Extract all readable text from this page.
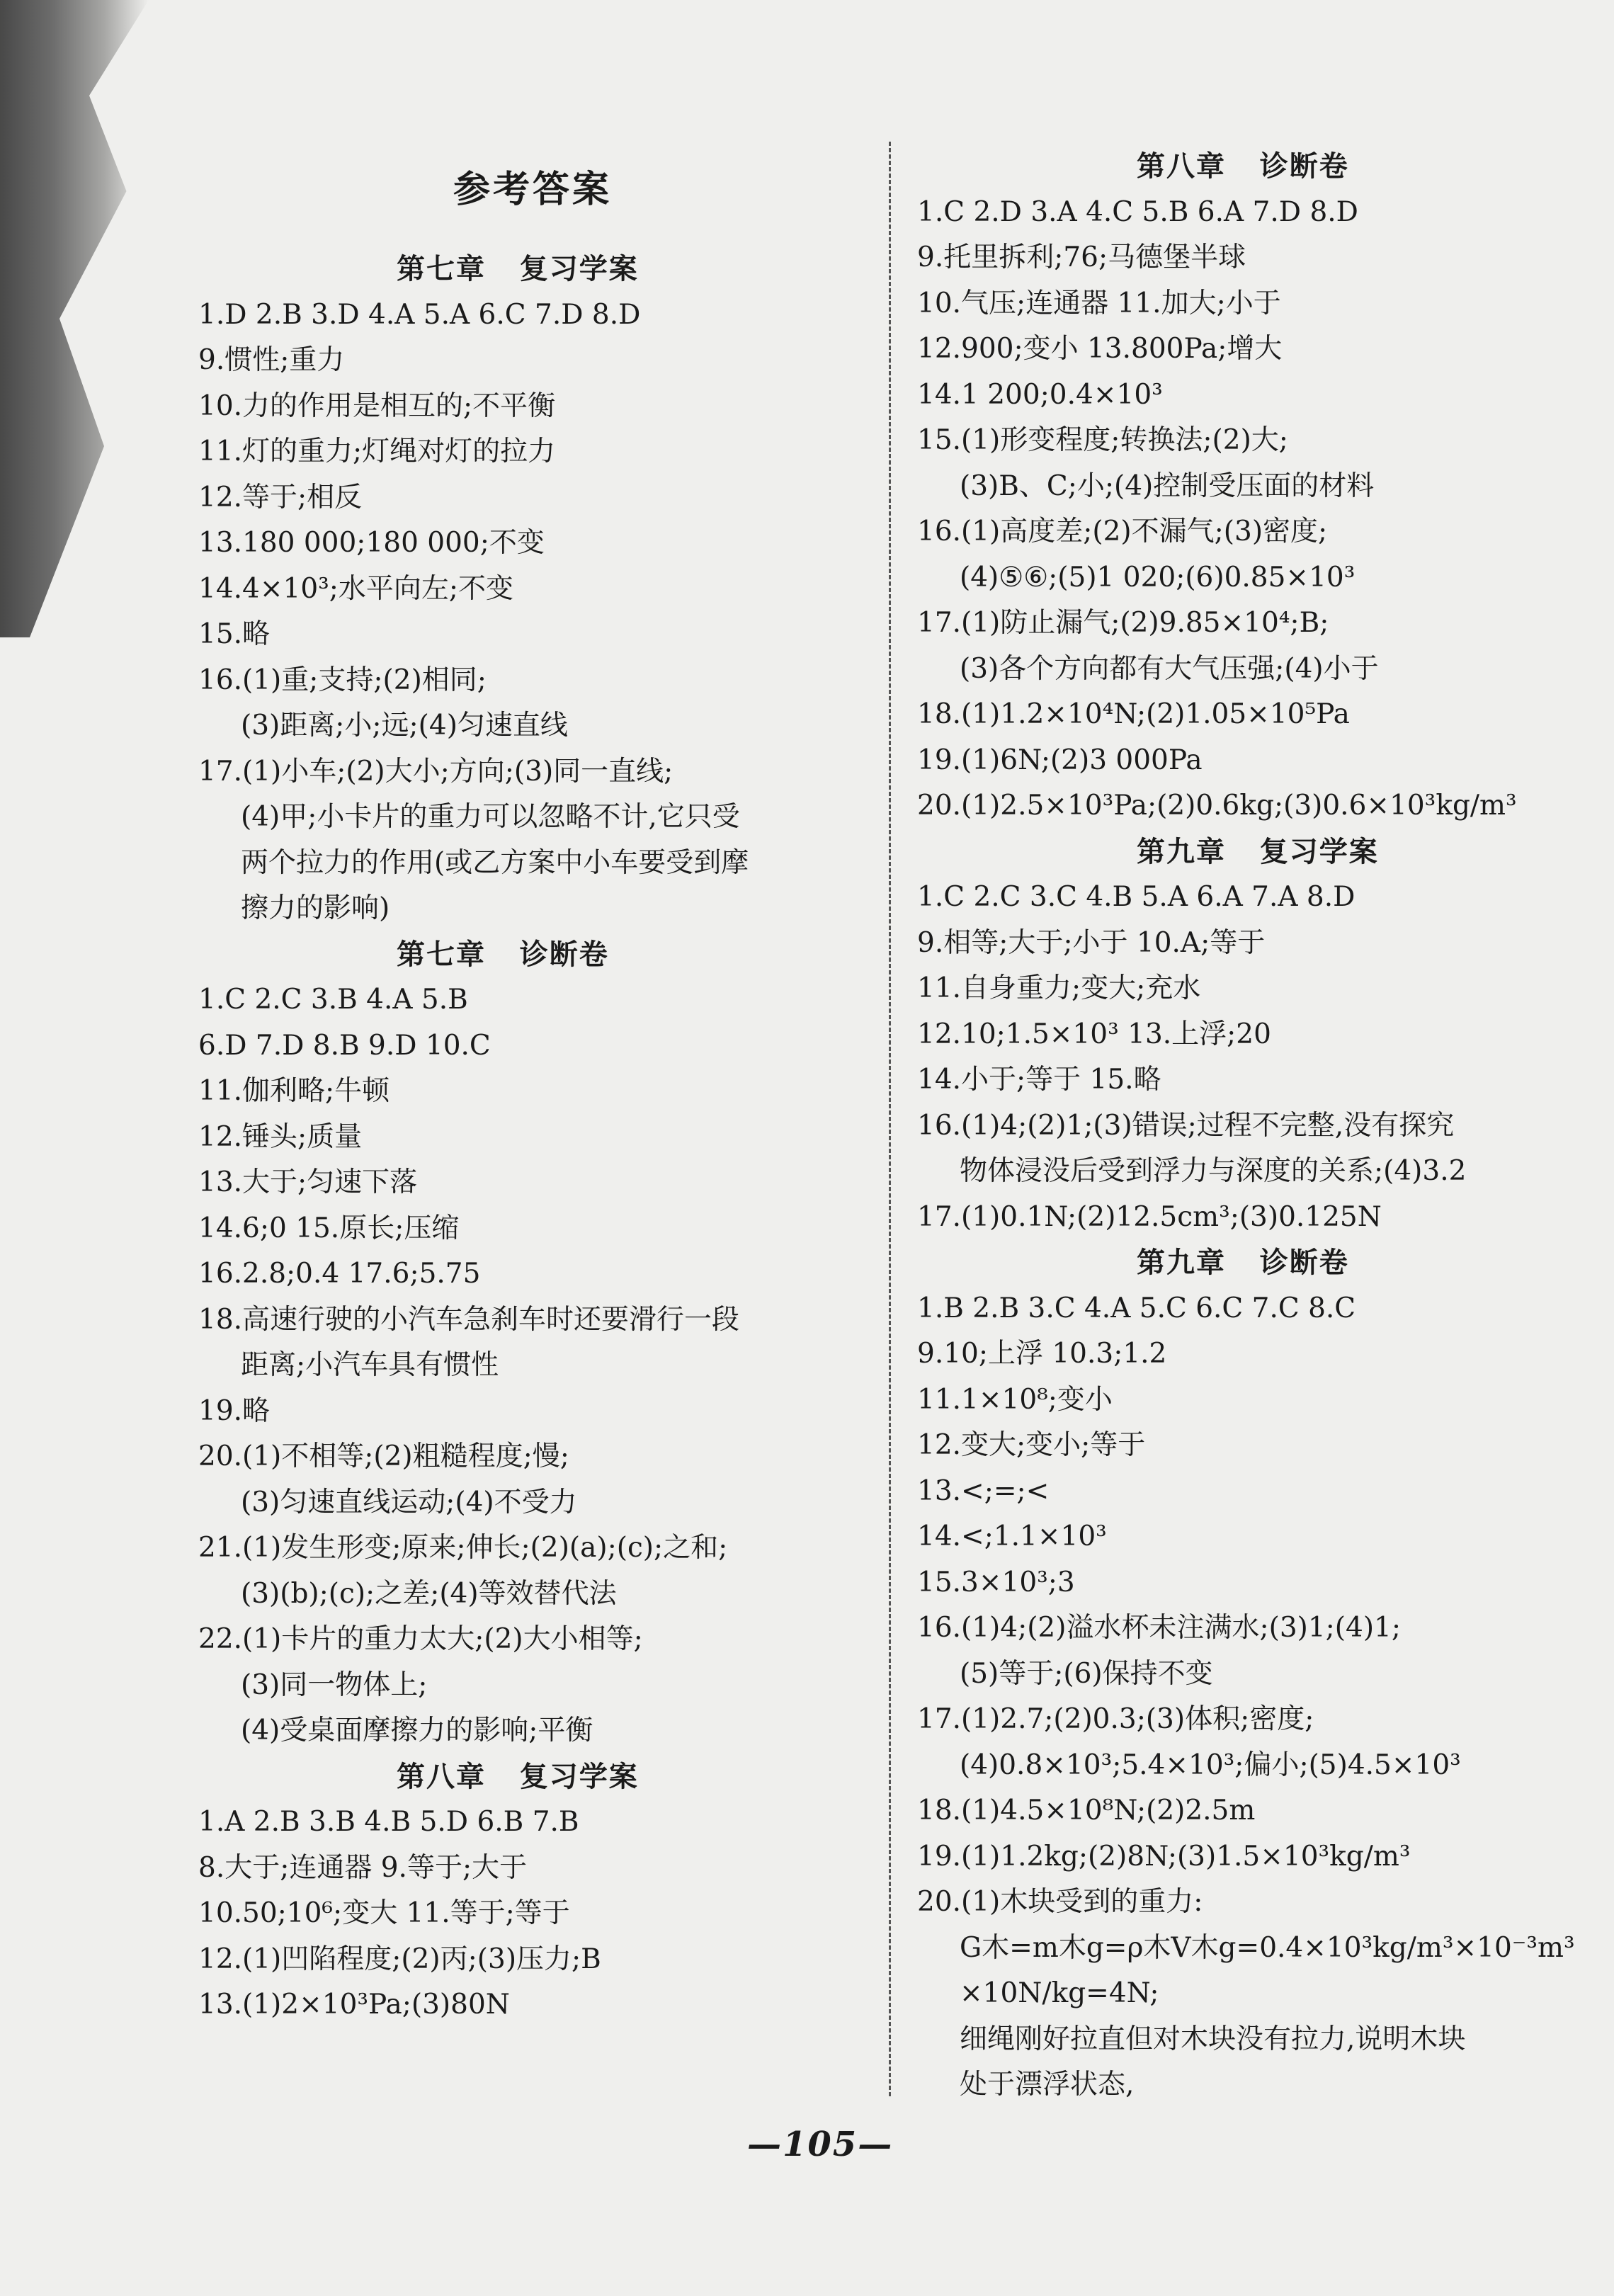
参考答案
第七章   复习学案
1.D 2.B 3.D 4.A 5.A 6.C 7.D 8.D
9.惯性;重力
10.力的作用是相互的;不平衡
11.灯的重力;灯绳对灯的拉力
12.等于;相反
13.180 000;180 000;不变
14.4×10³;水平向左;不变
15.略
16.(1)重;支持;(2)相同;
(3)距离;小;远;(4)匀速直线
17.(1)小车;(2)大小;方向;(3)同一直线;
(4)甲;小卡片的重力可以忽略不计,它只受
两个拉力的作用(或乙方案中小车要受到摩
擦力的影响)
第七章   诊断卷
1.C 2.C 3.B 4.A 5.B
6.D 7.D 8.B 9.D 10.C
11.伽利略;牛顿
12.锤头;质量
13.大于;匀速下落
14.6;0 15.原长;压缩
16.2.8;0.4 17.6;5.75
18.高速行驶的小汽车急刹车时还要滑行一段
距离;小汽车具有惯性
19.略
20.(1)不相等;(2)粗糙程度;慢;
(3)匀速直线运动;(4)不受力
21.(1)发生形变;原来;伸长;(2)(a);(c);之和;
(3)(b);(c);之差;(4)等效替代法
22.(1)卡片的重力太大;(2)大小相等;
(3)同一物体上;
(4)受桌面摩擦力的影响;平衡
第八章   复习学案
1.A 2.B 3.B 4.B 5.D 6.B 7.B
8.大于;连通器 9.等于;大于
10.50;10⁶;变大 11.等于;等于
12.(1)凹陷程度;(2)丙;(3)压力;B
13.(1)2×10³Pa;(3)80N
第八章   诊断卷
1.C 2.D 3.A 4.C 5.B 6.A 7.D 8.D
9.托里拆利;76;马德堡半球
10.气压;连通器 11.加大;小于
12.900;变小 13.800Pa;增大
14.1 200;0.4×10³
15.(1)形变程度;转换法;(2)大;
(3)B、C;小;(4)控制受压面的材料
16.(1)高度差;(2)不漏气;(3)密度;
(4)⑤⑥;(5)1 020;(6)0.85×10³
17.(1)防止漏气;(2)9.85×10⁴;B;
(3)各个方向都有大气压强;(4)小于
18.(1)1.2×10⁴N;(2)1.05×10⁵Pa
19.(1)6N;(2)3 000Pa
20.(1)2.5×10³Pa;(2)0.6kg;(3)0.6×10³kg/m³
第九章   复习学案
1.C 2.C 3.C 4.B 5.A 6.A 7.A 8.D
9.相等;大于;小于 10.A;等于
11.自身重力;变大;充水
12.10;1.5×10³ 13.上浮;20
14.小于;等于 15.略
16.(1)4;(2)1;(3)错误;过程不完整,没有探究
物体浸没后受到浮力与深度的关系;(4)3.2
17.(1)0.1N;(2)12.5cm³;(3)0.125N
第九章   诊断卷
1.B 2.B 3.C 4.A 5.C 6.C 7.C 8.C
9.10;上浮 10.3;1.2
11.1×10⁸;变小
12.变大;变小;等于
13.<;=;<
14.<;1.1×10³
15.3×10³;3
16.(1)4;(2)溢水杯未注满水;(3)1;(4)1;
(5)等于;(6)保持不变
17.(1)2.7;(2)0.3;(3)体积;密度;
(4)0.8×10³;5.4×10³;偏小;(5)4.5×10³
18.(1)4.5×10⁸N;(2)2.5m
19.(1)1.2kg;(2)8N;(3)1.5×10³kg/m³
20.(1)木块受到的重力:
G木=m木g=ρ木V木g=0.4×10³kg/m³×10⁻³m³
×10N/kg=4N;
细绳刚好拉直但对木块没有拉力,说明木块
处于漂浮状态,
—105—
